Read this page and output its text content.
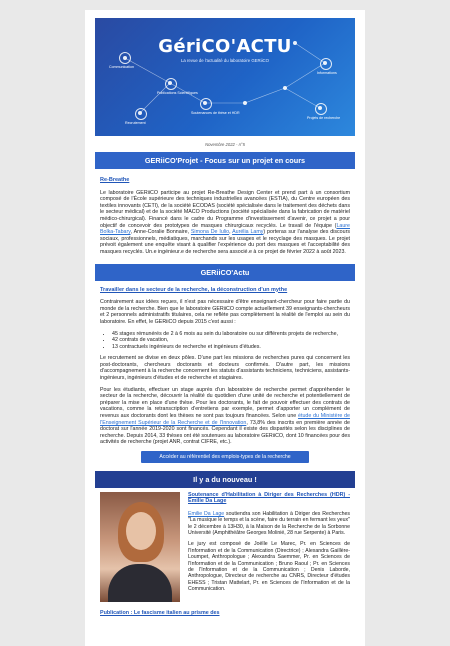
GériCO'ACTU
La revue de l'actualité du laboratoire GERiiCO
Communication
Informations
Projets de recherche
Recrutement
Publications Scientifiques
Soutenances de thèse et HDR
Novembre 2022 - n°5
GERiiCO'Projet - Focus sur un projet en cours
Re-Breathe

Le laboratoire GERiiCO participe au projet Re-Breathe Design Center et prend part à un consortium composé de l'École supérieure des techniques industrielles avancées (ESTIA), du Centre européen des textiles innovants (CETI), de la société ECODAS (société spécialisée dans le traitement des déchets dans le secteur médical) et de la société MACO Productions (société spécialisée dans la fabrication de matériel médico-chirurgical). Financé dans le cadre du Programme d'investissement d'avenir, ce projet a pour objectif de concevoir des prototypes de masques chirurgicaux recyclés. Le travail de l'équipe (Laure Bolka-Tabary, Anne-Coralie Bonnaire, Simona De Iulio, Aurélia Lamy) porteras sur l'analyse des discours sociaux, professionnels, médiatiques, marchands sur les usages et le recyclage des masques. Le projet prévoit également une enquête visant à qualifier l'expérience du port des masques et l'acceptabilité des masques recyclés. Un.e ingénieur.e de recherche sera associé.e à ce projet de février 2022 à août 2023.

GERiiCO'Actu
Travailler dans le secteur de la recherche, la déconstruction d'un mythe

Contrairement aux idées reçues, il n'est pas nécessaire d'être enseignant-chercheur pour faire partie du monde de la recherche. Bien que le laboratoire GERiiCO compte actuellement 39 enseignants-chercheurs et 2 personnels administratifs titulaires, cela ne reflète pas complètement la réalité de l'emploi au sein du laboratoire. En effet, le GERiiCO depuis 2015 c'est aussi :

• 45 stages rémunérés de 2 à 6 mois au sein du laboratoire ou sur différents projets de recherche,
• 42 contrats de vacation,
• 13 contractuels ingénieurs de recherche et ingénieurs d'études.

Le recrutement se divise en deux pôles. D'une part les missions de recherches pures qui concernent les post-doctorants, chercheurs doctorants et docteurs confirmés. D'autre part, les missions d'accompagnement à la recherche concernent les statuts d'assistants techniciens, techniciens, assistants-ingénieurs, ingénieurs d'études et de recherche et stagiaires.

Pour les étudiants, effectuer un stage auprès d'un laboratoire de recherche permet d'appréhender le secteur de la recherche, découvrir la réalité du quotidien d'une unité de recherche et potentiellement de préparer la mise en place d'une thèse. Pour les doctorants, le fait de pouvoir effectuer des contrats de vacations, comme la retranscription d'entretiens par exemple, permet d'apporter un complément de revenus aux doctorants dont les thèses ne sont pas toujours financées. Selon une étude du Ministère de l'Enseignement Supérieur de la Recherche et de l'Innovation, 73,8% des inscrits en première année de doctorat sur l'année 2019-2020 sont financés. Cependant il existe des disparités selon les disciplines de recherche. Depuis 2014, 33 thèses ont été soutenues au laboratoire GERiiCO, dont 10 financées pour des activités de recherche (projet ANR, contrat CIFRE, etc.).

Accéder au référentiel des emplois-types de la recherche
Il y a du nouveau !
Soutenance d'Habilitation à Diriger des Recherches (HDR) - Emilie Da Lage

Emilie Da Lage soutiendra son Habilitation à Diriger des Recherches "La musique le temps et la scène, faire du terrain en fermant les yeux" le 2 décembre à 13H30, à la Maison de la Recherche de la Sorbonne Université (Amphithéâtre Georges Molinié, 28 rue Serpente) à Paris.

Le jury est composé de Joëlle Le Marec, Pr. en Sciences de l'Information et de la Communication (Directrice) ; Alexandra Gaillère-Loumpet, Anthropologue ; Alexandra Saemmer, Pr. en Sciences de l'Information et de la Communication ; Bruno Raoul ; Pr. en Sciences de l'Information et de la Communication ; Denis Laborde, Anthropologue, Directeur de recherche au CNRS, Directeur d'études EHESS ; Tristan Mattelart, Pr. en Sciences de l'Information et de la Communication.

Publication : Le fascisme italien au prisme des
